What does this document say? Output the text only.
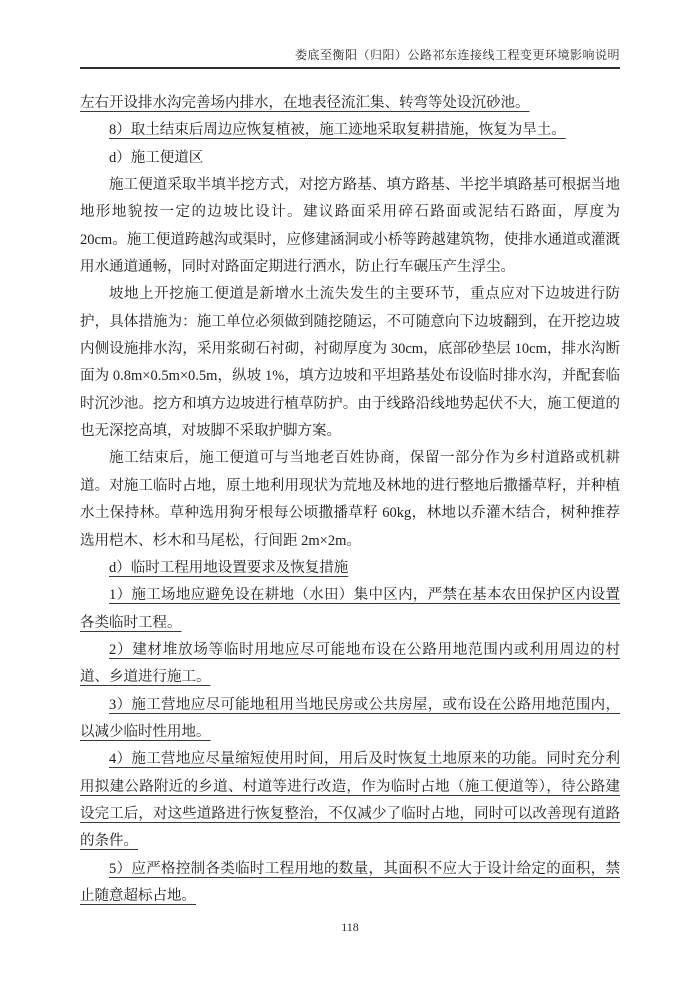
娄底至衡阳（归阳）公路祁东连接线工程变更环境影响说明

左右开设排水沟完善场内排水，在地表径流汇集、转弯等处设沉砂池。

8）取土结束后周边应恢复植被，施工迹地采取复耕措施，恢复为旱土。

d）施工便道区

施工便道采取半填半挖方式，对挖方路基、填方路基、半挖半填路基可根据当地地形地貌按一定的边坡比设计。建议路面采用碎石路面或泥结石路面，厚度为 20cm。施工便道跨越沟或渠时，应修建涵洞或小桥等跨越建筑物，使排水通道或灌溉用水通道通畅，同时对路面定期进行洒水，防止行车碾压产生浮尘。

坡地上开挖施工便道是新增水土流失发生的主要环节，重点应对下边坡进行防护，具体措施为：施工单位必须做到随挖随运，不可随意向下边坡翻到，在开挖边坡内侧设施排水沟，采用浆砌石衬砌，衬砌厚度为 30cm，底部砂垫层 10cm，排水沟断面为 0.8m×0.5m×0.5m，纵坡 1%，填方边坡和平坦路基处布设临时排水沟，并配套临时沉沙池。挖方和填方边坡进行植草防护。由于线路沿线地势起伏不大，施工便道的也无深挖高填，对坡脚不采取护脚方案。

施工结束后，施工便道可与当地老百姓协商，保留一部分作为乡村道路或机耕道。对施工临时占地，原土地利用现状为荒地及林地的进行整地后撒播草籽，并种植水土保持林。草种选用狗牙根每公顷撒播草籽 60kg，林地以乔灌木结合，树种推荐选用桤木、杉木和马尾松，行间距 2m×2m。

d）临时工程用地设置要求及恢复措施

1）施工场地应避免设在耕地（水田）集中区内，严禁在基本农田保护区内设置各类临时工程。

2）建材堆放场等临时用地应尽可能地布设在公路用地范围内或利用周边的村道、乡道进行施工。

3）施工营地应尽可能地租用当地民房或公共房屋，或布设在公路用地范围内，以减少临时性用地。

4）施工营地应尽量缩短使用时间，用后及时恢复土地原来的功能。同时充分利用拟建公路附近的乡道、村道等进行改造，作为临时占地（施工便道等），待公路建设完工后，对这些道路进行恢复整治，不仅减少了临时占地，同时可以改善现有道路的条件。

5）应严格控制各类临时工程用地的数量，其面积不应大于设计给定的面积，禁止随意超标占地。

118
